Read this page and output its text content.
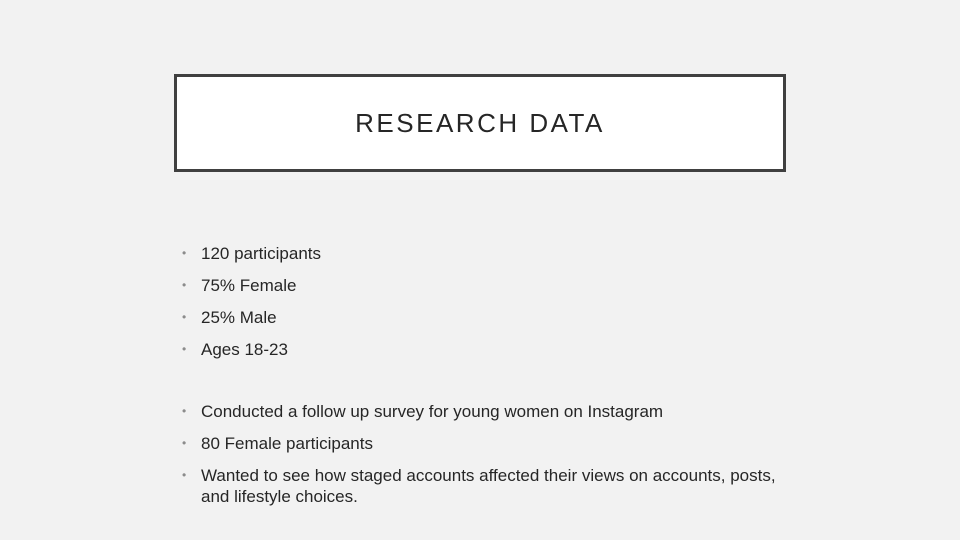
RESEARCH DATA
• 120 participants
• 75% Female
• 25% Male
• Ages 18-23
• Conducted a follow up survey for young women on Instagram
• 80 Female participants
• Wanted to see how staged accounts affected their views on accounts, posts, and lifestyle choices.
